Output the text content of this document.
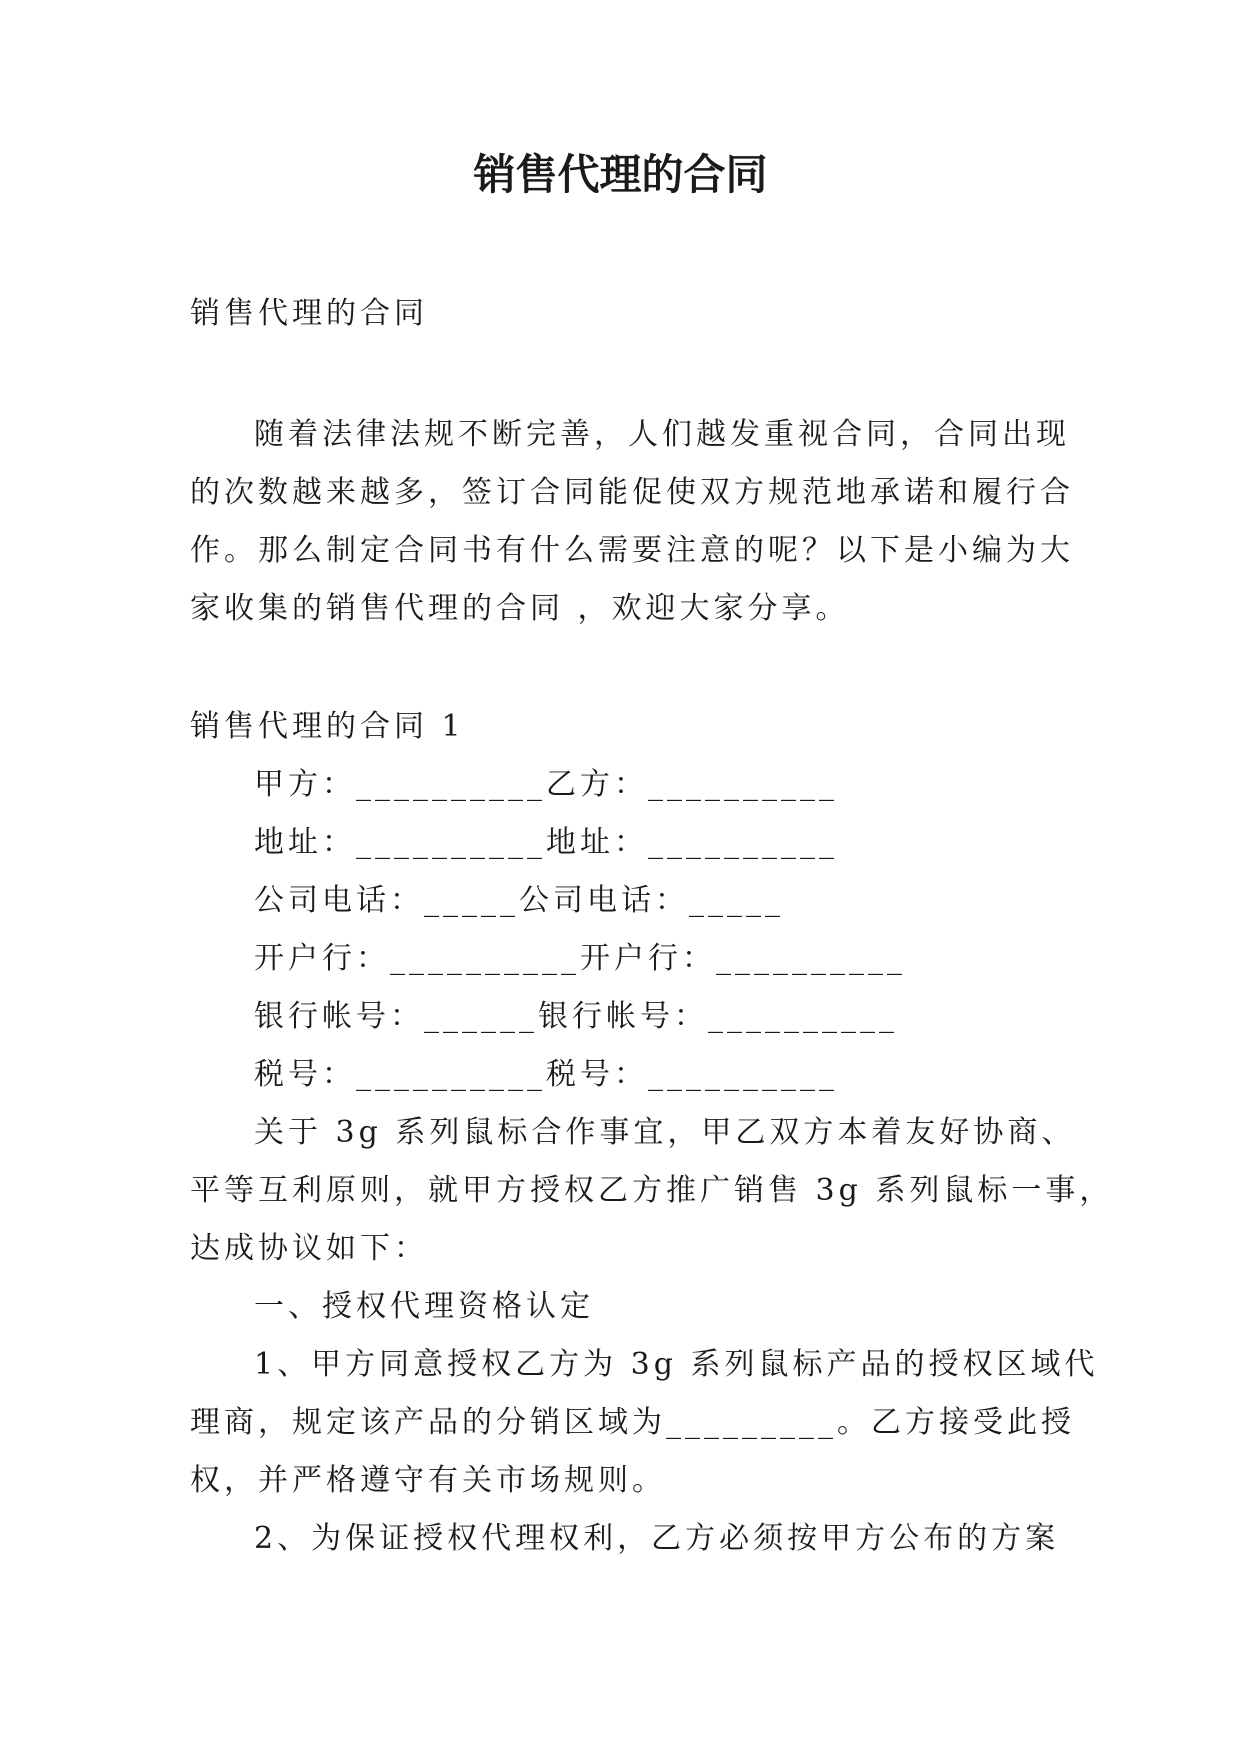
销售代理的合同
销售代理的合同
随着法律法规不断完善，人们越发重视合同，合同出现
的次数越来越多，签订合同能促使双方规范地承诺和履行合
作。那么制定合同书有什么需要注意的呢？以下是小编为大
家收集的销售代理的合同 ，欢迎大家分享。
销售代理的合同 1
甲方：__________乙方：__________
地址：__________地址：__________
公司电话：_____公司电话：_____
开户行：__________开户行：__________
银行帐号：______银行帐号：__________
税号：__________税号：__________
关于 3g 系列鼠标合作事宜，甲乙双方本着友好协商、
平等互利原则，就甲方授权乙方推广销售 3g 系列鼠标一事，
达成协议如下：
一、授权代理资格认定
1、甲方同意授权乙方为 3g 系列鼠标产品的授权区域代
理商，规定该产品的分销区域为_________。乙方接受此授
权，并严格遵守有关市场规则。
2、为保证授权代理权利，乙方必须按甲方公布的方案
